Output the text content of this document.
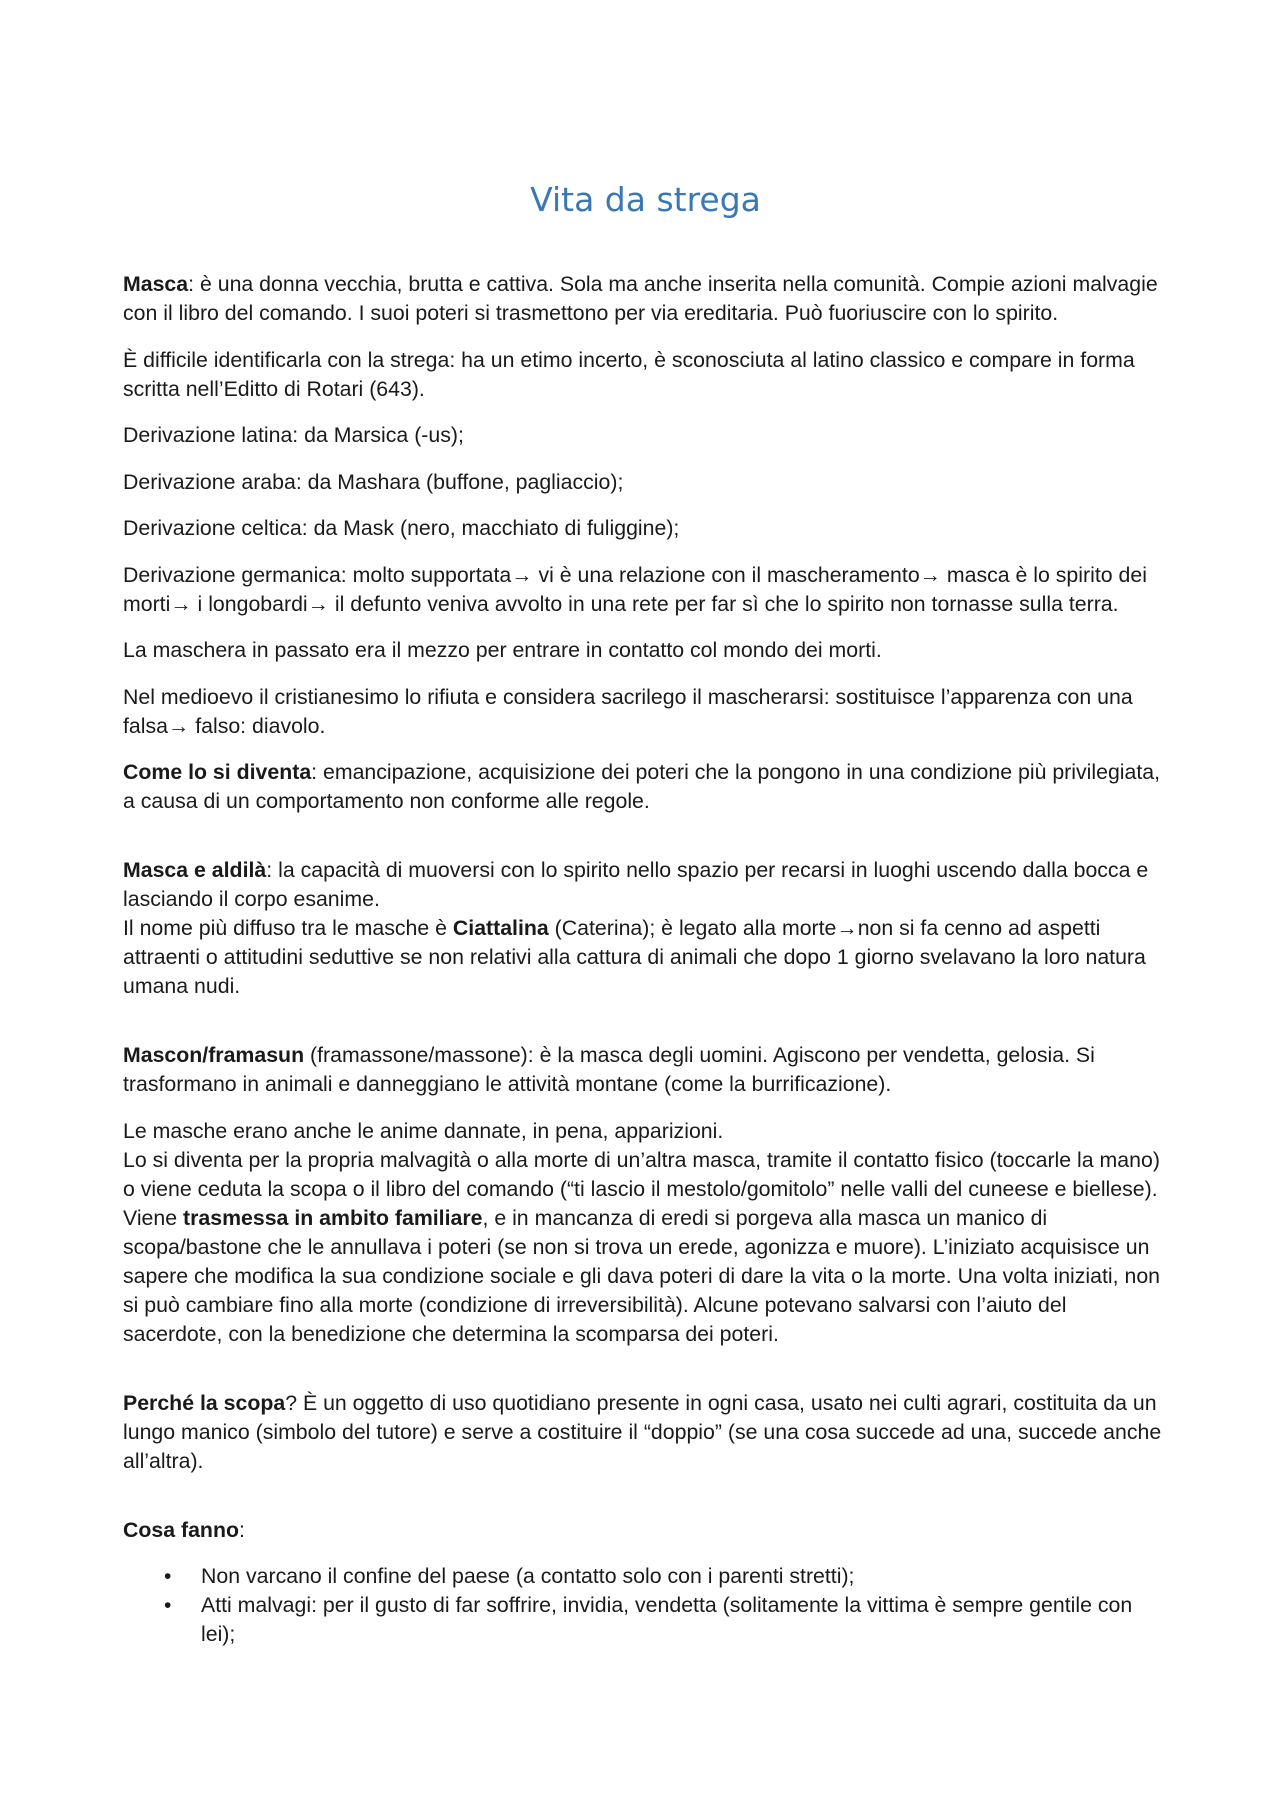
Vita da strega

Masca: è una donna vecchia, brutta e cattiva. Sola ma anche inserita nella comunità. Compie azioni malvagie con il libro del comando. I suoi poteri si trasmettono per via ereditaria. Può fuoriuscire con lo spirito.

È difficile identificarla con la strega: ha un etimo incerto, è sconosciuta al latino classico e compare in forma scritta nell’Editto di Rotari (643).

Derivazione latina: da Marsica (-us);

Derivazione araba: da Mashara (buffone, pagliaccio);

Derivazione celtica: da Mask (nero, macchiato di fuliggine);

Derivazione germanica: molto supportata→ vi è una relazione con il mascheramento→ masca è lo spirito dei morti→ i longobardi→ il defunto veniva avvolto in una rete per far sì che lo spirito non tornasse sulla terra.

La maschera in passato era il mezzo per entrare in contatto col mondo dei morti.

Nel medioevo il cristianesimo lo rifiuta e considera sacrilego il mascherarsi: sostituisce l’apparenza con una falsa→ falso: diavolo.

Come lo si diventa: emancipazione, acquisizione dei poteri che la pongono in una condizione più privilegiata, a causa di un comportamento non conforme alle regole.

Masca e aldilà: la capacità di muoversi con lo spirito nello spazio per recarsi in luoghi uscendo dalla bocca e lasciando il corpo esanime.

Il nome più diffuso tra le masche è Ciattalina (Caterina); è legato alla morte→non si fa cenno ad aspetti attraenti o attitudini seduttive se non relativi alla cattura di animali che dopo 1 giorno svelavano la loro natura umana nudi.

Mascon/framasun (framassone/massone): è la masca degli uomini. Agiscono per vendetta, gelosia. Si trasformano in animali e danneggiano le attività montane (come la burrificazione).

Le masche erano anche le anime dannate, in pena, apparizioni.

Lo si diventa per la propria malvagità o alla morte di un’altra masca, tramite il contatto fisico (toccarle la mano) o viene ceduta la scopa o il libro del comando (“ti lascio il mestolo/gomitolo” nelle valli del cuneese e biellese). Viene trasmessa in ambito familiare, e in mancanza di eredi si porgeva alla masca un manico di scopa/bastone che le annullava i poteri (se non si trova un erede, agonizza e muore). L’iniziato acquisisce un sapere che modifica la sua condizione sociale e gli dava poteri di dare la vita o la morte. Una volta iniziati, non si può cambiare fino alla morte (condizione di irreversibilità). Alcune potevano salvarsi con l’aiuto del sacerdote, con la benedizione che determina la scomparsa dei poteri.

Perché la scopa? È un oggetto di uso quotidiano presente in ogni casa, usato nei culti agrari, costituita da un lungo manico (simbolo del tutore) e serve a costituire il “doppio” (se una cosa succede ad una, succede anche all’altra).

Cosa fanno:

• Non varcano il confine del paese (a contatto solo con i parenti stretti);
• Atti malvagi: per il gusto di far soffrire, invidia, vendetta (solitamente la vittima è sempre gentile con lei);
